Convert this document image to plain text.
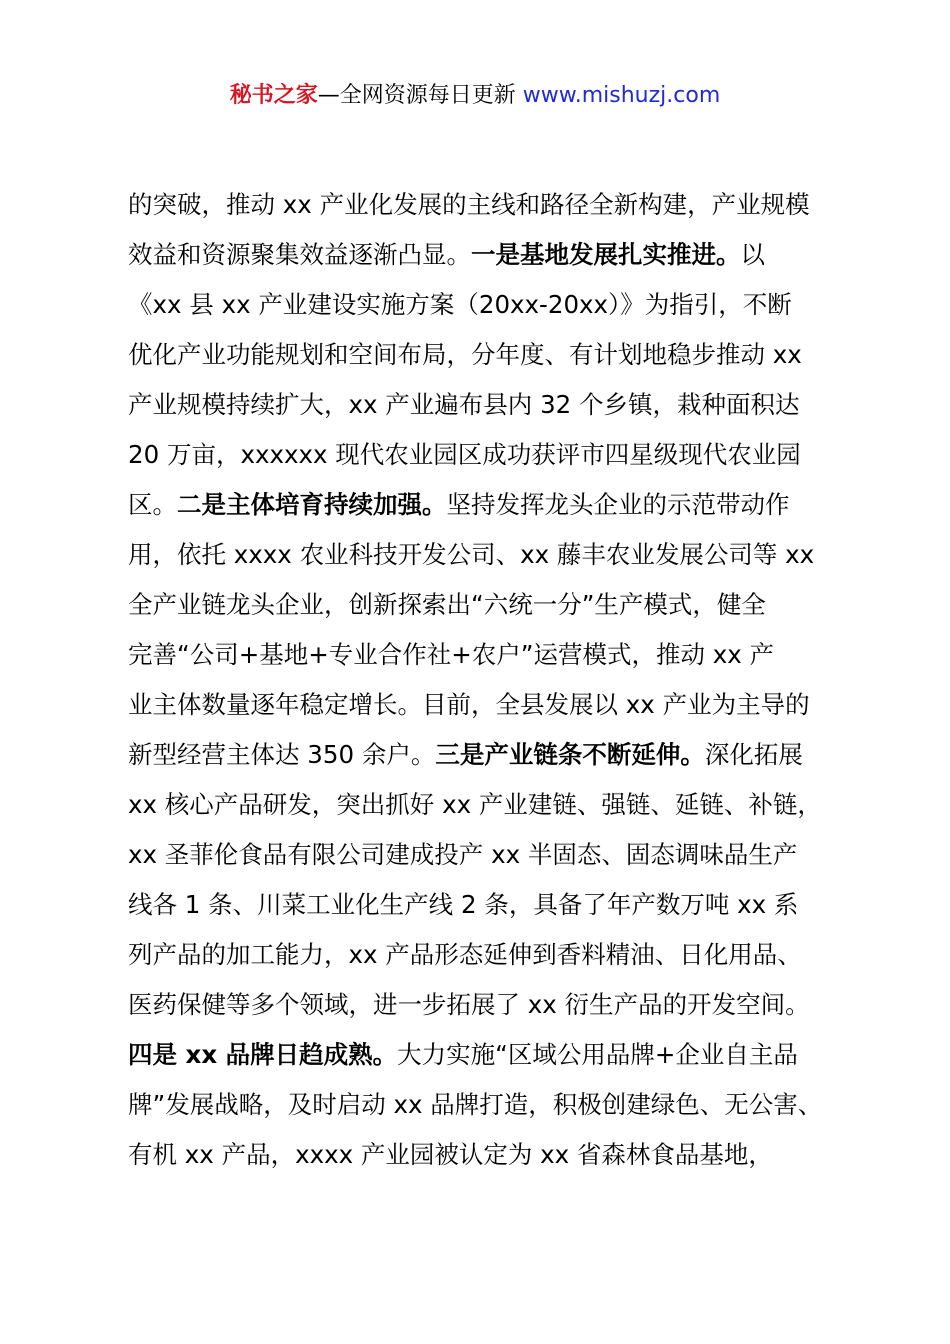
秘书之家—全网资源每日更新 www.mishuzj.com
的突破，推动 xx 产业化发展的主线和路径全新构建，产业规模
效益和资源聚集效益逐渐凸显。一是基地发展扎实推进。以
《xx 县 xx 产业建设实施方案（20xx-20xx）》为指引，不断
优化产业功能规划和空间布局，分年度、有计划地稳步推动 xx
产业规模持续扩大，xx 产业遍布县内 32 个乡镇，栽种面积达
20 万亩，xxxxxx 现代农业园区成功获评市四星级现代农业园
区。二是主体培育持续加强。坚持发挥龙头企业的示范带动作
用，依托 xxxx 农业科技开发公司、xx 藤丰农业发展公司等 xx
全产业链龙头企业，创新探索出“六统一分”生产模式，健全
完善“公司+基地+专业合作社+农户”运营模式，推动 xx 产
业主体数量逐年稳定增长。目前，全县发展以 xx 产业为主导的
新型经营主体达 350 余户。三是产业链条不断延伸。深化拓展
xx 核心产品研发，突出抓好 xx 产业建链、强链、延链、补链，
xx 圣菲伦食品有限公司建成投产 xx 半固态、固态调味品生产
线各 1 条、川菜工业化生产线 2 条，具备了年产数万吨 xx 系
列产品的加工能力，xx 产品形态延伸到香料精油、日化用品、
医药保健等多个领域，进一步拓展了 xx 衍生产品的开发空间。
四是 xx 品牌日趋成熟。大力实施“区域公用品牌+企业自主品
牌”发展战略，及时启动 xx 品牌打造，积极创建绿色、无公害、
有机 xx 产品，xxxx 产业园被认定为 xx 省森林食品基地，
